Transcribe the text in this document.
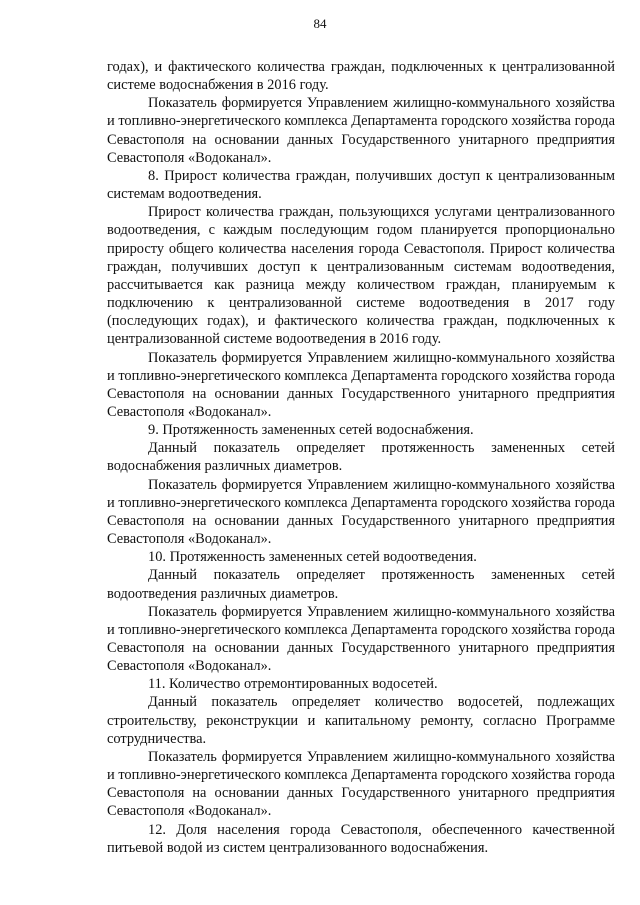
84

годах), и фактического количества граждан, подключенных к централизованной системе водоснабжения в 2016 году.

Показатель формируется Управлением жилищно-коммунального хозяйства и топливно-энергетического комплекса Департамента городского хозяйства города Севастополя на основании данных Государственного унитарного предприятия Севастополя «Водоканал».

8. Прирост количества граждан, получивших доступ к централизованным системам водоотведения.

Прирост количества граждан, пользующихся услугами централизованного водоотведения, с каждым последующим годом планируется пропорционально приросту общего количества населения города Севастополя. Прирост количества граждан, получивших доступ к централизованным системам водоотведения, рассчитывается как разница между количеством граждан, планируемым к подключению к централизованной системе водоотведения в 2017 году (последующих годах), и фактического количества граждан, подключенных к централизованной системе водоотведения в 2016 году.

Показатель формируется Управлением жилищно-коммунального хозяйства и топливно-энергетического комплекса Департамента городского хозяйства города Севастополя на основании данных Государственного унитарного предприятия Севастополя «Водоканал».

9. Протяженность замененных сетей водоснабжения.

Данный показатель определяет протяженность замененных сетей водоснабжения различных диаметров.

Показатель формируется Управлением жилищно-коммунального хозяйства и топливно-энергетического комплекса Департамента городского хозяйства города Севастополя на основании данных Государственного унитарного предприятия Севастополя «Водоканал».

10. Протяженность замененных сетей водоотведения.

Данный показатель определяет протяженность замененных сетей водоотведения различных диаметров.

Показатель формируется Управлением жилищно-коммунального хозяйства и топливно-энергетического комплекса Департамента городского хозяйства города Севастополя на основании данных Государственного унитарного предприятия Севастополя «Водоканал».

11. Количество отремонтированных водосетей.

Данный показатель определяет количество водосетей, подлежащих строительству, реконструкции и капитальному ремонту, согласно Программе сотрудничества.

Показатель формируется Управлением жилищно-коммунального хозяйства и топливно-энергетического комплекса Департамента городского хозяйства города Севастополя на основании данных Государственного унитарного предприятия Севастополя «Водоканал».

12. Доля населения города Севастополя, обеспеченного качественной питьевой водой из систем централизованного водоснабжения.
